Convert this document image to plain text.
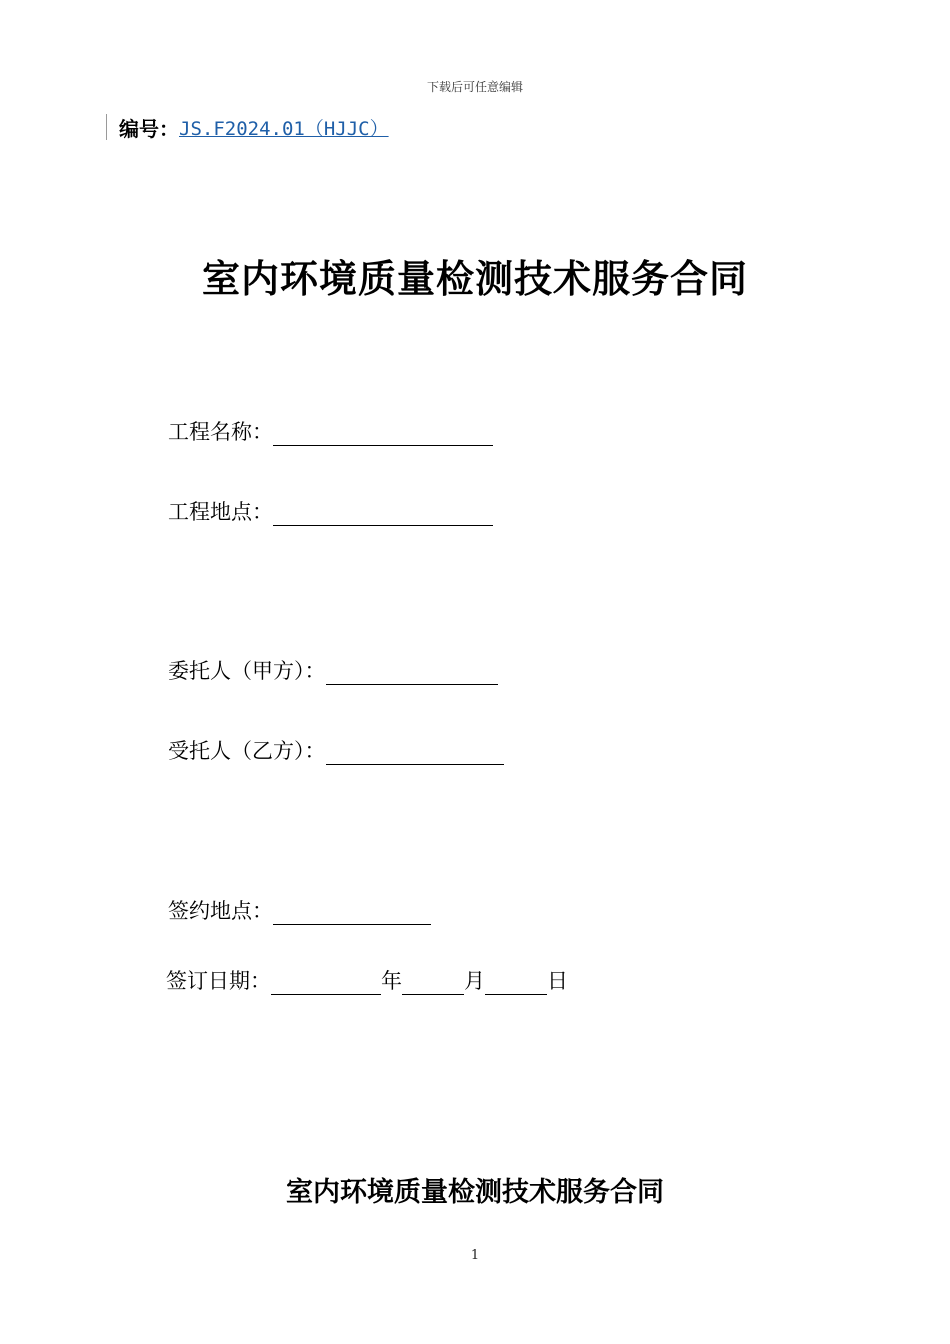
下载后可任意编辑
编号： JS.F2024.01（HJJC）
室内环境质量检测技术服务合同
工程名称：
工程地点：
委托人（甲方）：
受托人（乙方）：
签约地点：
签订日期：	年	月	日
室内环境质量检测技术服务合同
1
